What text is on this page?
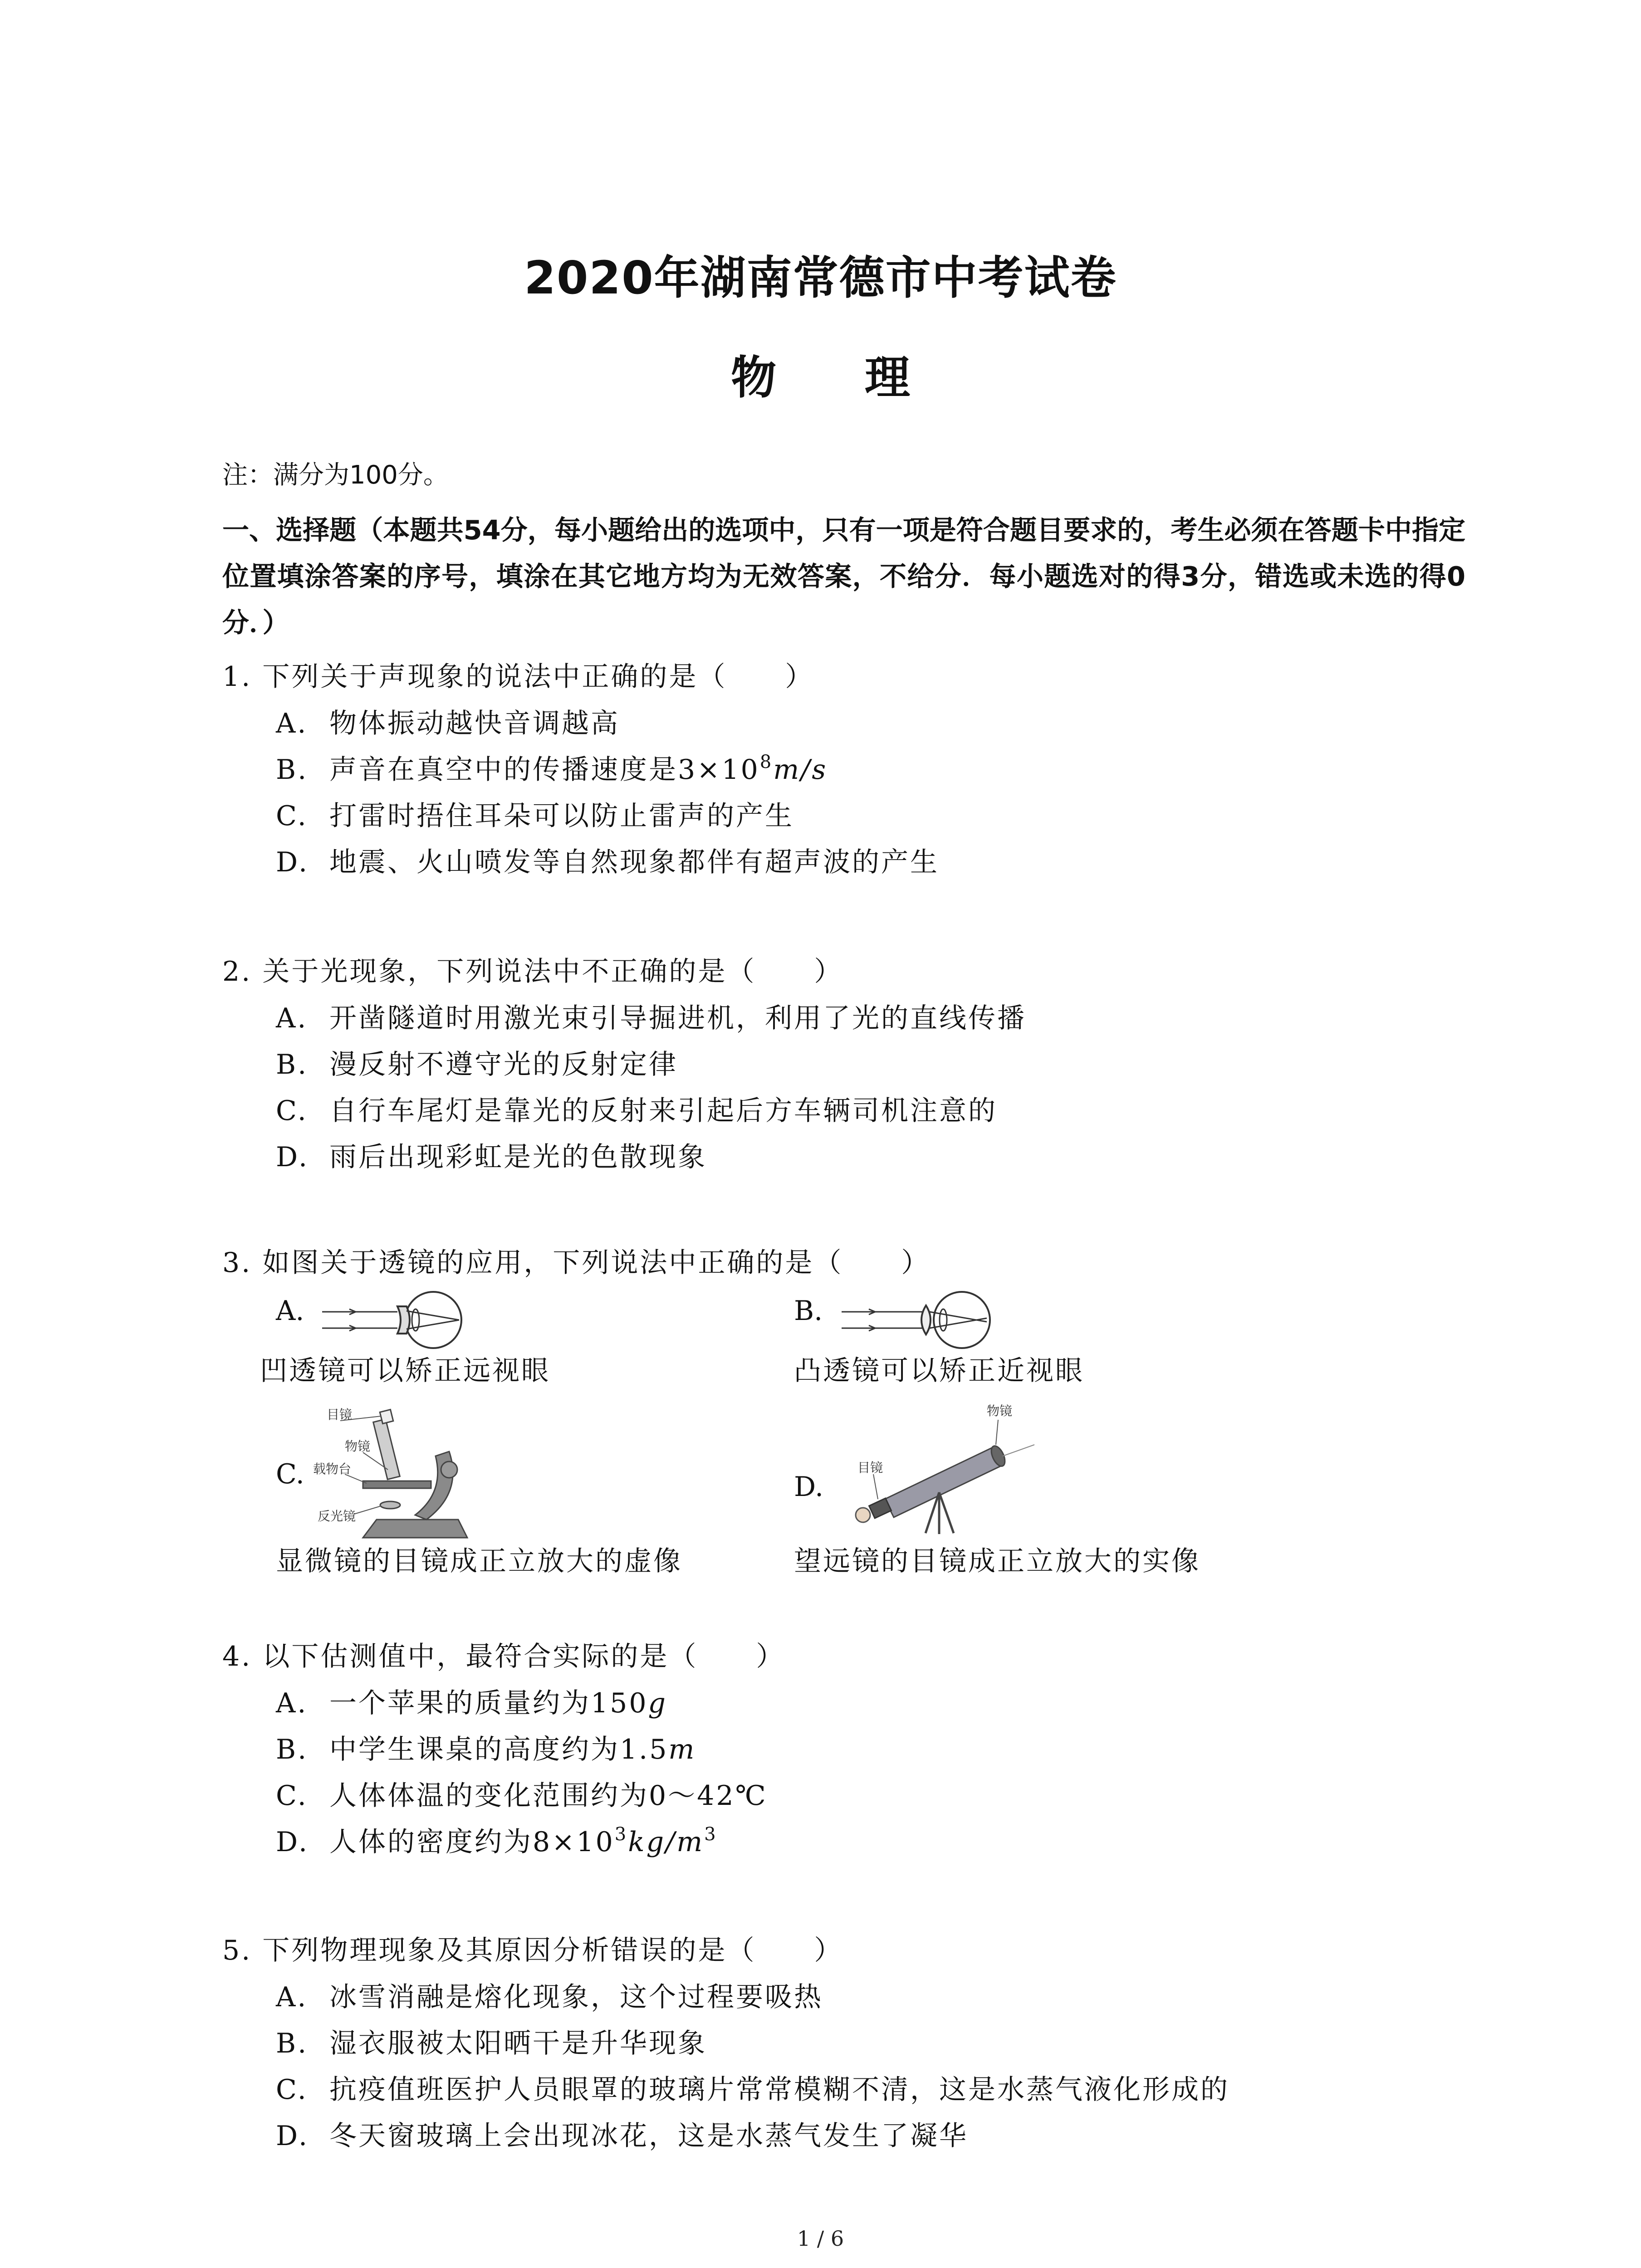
2020年湖南常德市中考试卷
物 理
注：满分为100分。
一、选择题（本题共54分，每小题给出的选项中，只有一项是符合题目要求的，考生必须在答题卡中指定位置填涂答案的序号，填涂在其它地方均为无效答案，不给分．每小题选对的得3分，错选或未选的得0分．）
1. 下列关于声现象的说法中正确的是（　　）
A. 物体振动越快音调越高
B. 声音在真空中的传播速度是$3\times 10^8m/s$
C. 打雷时捂住耳朵可以防止雷声的产生
D. 地震、火山喷发等自然现象都伴有超声波的产生
2. 关于光现象，下列说法中不正确的是（　　）
A. 开凿隧道时用激光束引导掘进机，利用了光的直线传播
B. 漫反射不遵守光的反射定律
C. 自行车尾灯是靠光的反射来引起后方车辆司机注意的
D. 雨后出现彩虹是光的色散现象
3. 如图关于透镜的应用，下列说法中正确的是（　　）
A.
凹透镜可以矫正远视眼
B.
凸透镜可以矫正近视眼
C.
目镜
物镜
载物台
反光镜
显微镜的目镜成正立放大的虚像
D.
物镜
目镜
望远镜的目镜成正立放大的实像
4. 以下估测值中，最符合实际的是（　　）
A. 一个苹果的质量约为150g
B. 中学生课桌的高度约为1.5m
C. 人体体温的变化范围约为0～42℃
D. 人体的密度约为$8\times 10^3kg/m^3$
5. 下列物理现象及其原因分析错误的是（　　）
A. 冰雪消融是熔化现象，这个过程要吸热
B. 湿衣服被太阳晒干是升华现象
C. 抗疫值班医护人员眼罩的玻璃片常常模糊不清，这是水蒸气液化形成的
D. 冬天窗玻璃上会出现冰花，这是水蒸气发生了凝华
1 / 6
